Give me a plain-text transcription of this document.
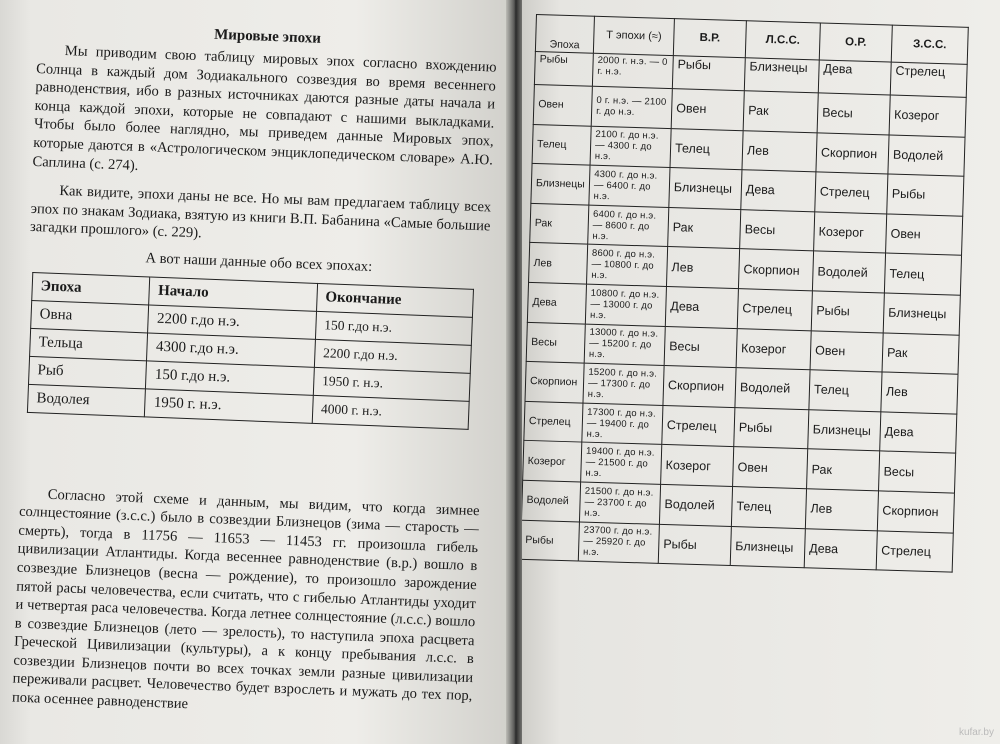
Мировые эпохи

Мы приводим свою таблицу мировых эпох согласно вхождению Солнца в каждый дом Зодиакального созвездия во время весеннего равноденствия, ибо в разных источниках даются разные даты начала и конца каждой эпохи, которые не совпадают с нашими выкладками. Чтобы было более наглядно, мы приведем данные Мировых эпох, которые даются в «Астрологическом энциклопедическом словаре» А.Ю. Саплина (с. 274).

Как видите, эпохи даны не все. Но мы вам предлагаем таблицу всех эпох по знакам Зодиака, взятую из книги В.П. Бабанина «Самые большие загадки прошлого» (с. 229).

А вот наши данные обо всех эпохах:

Эпоха	Начало	Окончание
Овна	2200 г.до н.э.	150 г.до н.э.
Тельца	4300 г.до н.э.	2200 г.до н.э.
Рыб	150 г.до н.э.	1950 г. н.э.
Водолея	1950 г. н.э.	4000 г. н.э.

Согласно этой схеме и данным, мы видим, что когда зимнее солнцестояние (з.с.с.) было в созвездии Близнецов (зима — старость — смерть), тогда в 11756 — 11653 — 11453 гг. произошла гибель цивилизации Атлантиды. Когда весеннее равноденствие (в.р.) вошло в созвездие Близнецов (весна — рождение), то произошло зарождение пятой расы человечества, если считать, что с гибелью Атлантиды уходит и четвертая раса человечества. Когда летнее солнцестояние (л.с.с.) вошло в созвездие Близнецов (лето — зрелость), то наступила эпоха расцвета Греческой Цивилизации (культуры), а к концу пребывания л.с.с. в созвездии Близнецов почти во всех точках земли разные цивилизации переживали расцвет. Человечество будет взрослеть и мужать до тех пор, пока осеннее равноденствие

Эпоха	Т эпохи (≈)	В.Р.	Л.С.С.	О.Р.	З.С.С.
Рыбы	2000 г. н.э. — 0 г. н.э.	Рыбы	Близнецы	Дева	Стрелец
Овен	0 г. н.э. — 2100 г. до н.э.	Овен	Рак	Весы	Козерог
Телец	2100 г. до н.э. — 4300 г. до н.э.	Телец	Лев	Скорпион	Водолей
Близнецы	4300 г. до н.э. — 6400 г. до н.э.	Близнецы	Дева	Стрелец	Рыбы
Рак	6400 г. до н.э. — 8600 г. до н.э.	Рак	Весы	Козерог	Овен
Лев	8600 г. до н.э. — 10800 г. до н.э.	Лев	Скорпион	Водолей	Телец
Дева	10800 г. до н.э. — 13000 г. до н.э.	Дева	Стрелец	Рыбы	Близнецы
Весы	13000 г. до н.э. — 15200 г. до н.э.	Весы	Козерог	Овен	Рак
Скорпион	15200 г. до н.э. — 17300 г. до н.э.	Скорпион	Водолей	Телец	Лев
Стрелец	17300 г. до н.э. — 19400 г. до н.э.	Стрелец	Рыбы	Близнецы	Дева
Козерог	19400 г. до н.э. — 21500 г. до н.э.	Козерог	Овен	Рак	Весы
Водолей	21500 г. до н.э. — 23700 г. до н.э.	Водолей	Телец	Лев	Скорпион
Рыбы	23700 г. до н.э. — 25920 г. до н.э.	Рыбы	Близнецы	Дева	Стрелец
kufar.by
